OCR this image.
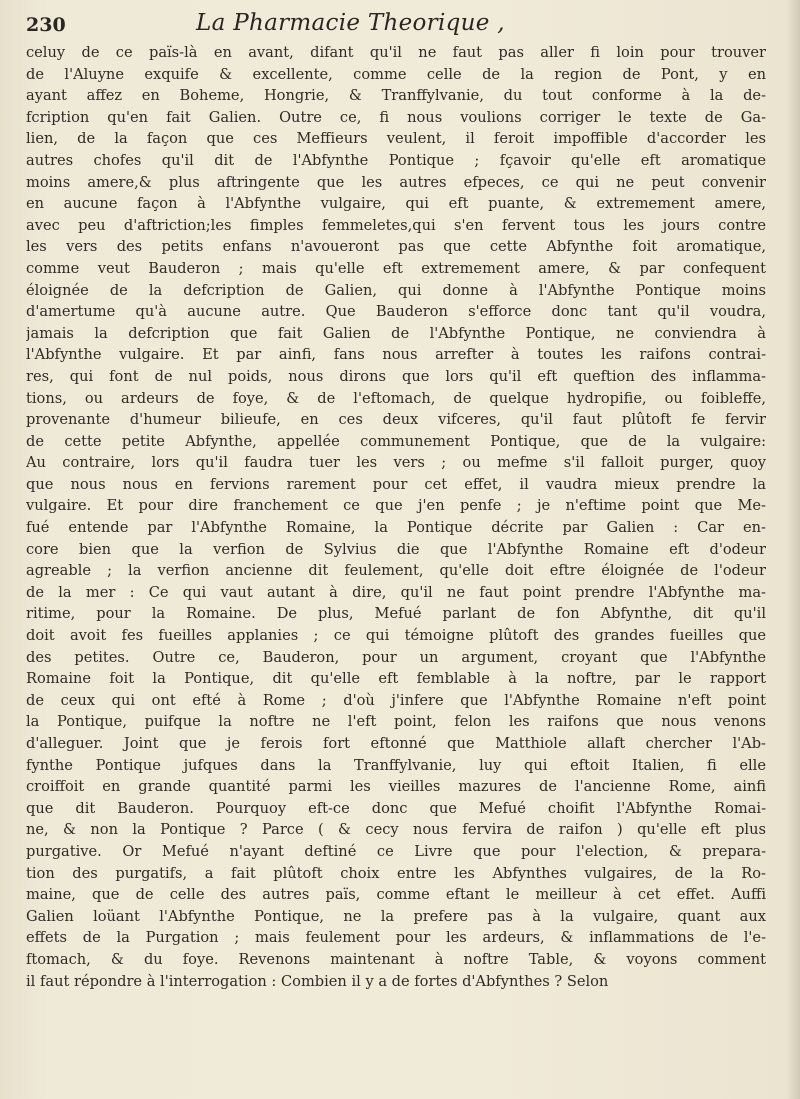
230	La Pharmacie Theorique ,
celuy de ce païs-là en avant, difant qu'il ne faut pas aller fi loin pour trouver
de l'Aluyne exquife & excellente, comme celle de la region de Pont, y en
ayant affez en Boheme, Hongrie, & Tranffylvanie, du tout conforme à la de-
fcription qu'en fait Galien. Outre ce, fi nous voulions corriger le texte de Ga-
lien, de la façon que ces Meffieurs veulent, il feroit impoffible d'accorder les
autres chofes qu'il dit de l'Abfynthe Pontique ; fçavoir qu'elle eft aromatique
moins amere,& plus aftringente que les autres efpeces, ce qui ne peut convenir
en aucune façon à l'Abfynthe vulgaire, qui eft puante, & extremement amere,
avec peu d'aftriction;les fimples femmeletes,qui s'en fervent tous les jours contre
les vers des petits enfans n'avoueront pas que cette Abfynthe foit aromatique,
comme veut Bauderon ; mais qu'elle eft extremement amere, & par confequent
éloignée de la defcription de Galien, qui donne à l'Abfynthe Pontique moins
d'amertume qu'à aucune autre. Que Bauderon s'efforce donc tant qu'il voudra,
jamais la defcription que fait Galien de l'Abfynthe Pontique, ne conviendra à
l'Abfynthe vulgaire. Et par ainfi, fans nous arrefter à toutes les raifons contrai-
res, qui font de nul poids, nous dirons que lors qu'il eft queftion des inflamma-
tions, ou ardeurs de foye, & de l'eftomach, de quelque hydropifie, ou foibleffe,
provenante d'humeur bilieufe, en ces deux vifceres, qu'il faut plûtoft fe fervir
de cette petite Abfynthe, appellée communement Pontique, que de la vulgaire:
Au contraire, lors qu'il faudra tuer les vers ; ou mefme s'il falloit purger, quoy
que nous nous en fervions rarement pour cet effet, il vaudra mieux prendre la
vulgaire. Et pour dire franchement ce que j'en penfe ; je n'eftime point que Me-
fué entende par l'Abfynthe Romaine, la Pontique décrite par Galien : Car en-
core bien que la verfion de Sylvius die que l'Abfynthe Romaine eft d'odeur
agreable ; la verfion ancienne dit feulement, qu'elle doit eftre éloignée de l'odeur
de la mer : Ce qui vaut autant à dire, qu'il ne faut point prendre l'Abfynthe ma-
ritime, pour la Romaine. De plus, Mefué parlant de fon Abfynthe, dit qu'il
doit avoit fes fueilles applanies ; ce qui témoigne plûtoft des grandes fueilles que
des petites. Outre ce, Bauderon, pour un argument, croyant que l'Abfynthe
Romaine foit la Pontique, dit qu'elle eft femblable à la noftre, par le rapport
de ceux qui ont efté à Rome ; d'où j'infere que l'Abfynthe Romaine n'eft point
la Pontique, puifque la noftre ne l'eft point, felon les raifons que nous venons
d'alleguer. Joint que je ferois fort eftonné que Matthiole allaft chercher l'Ab-
fynthe Pontique jufques dans la Tranffylvanie, luy qui eftoit Italien, fi elle
croiffoit en grande quantité parmi les vieilles mazures de l'ancienne Rome, ainfi
que dit Bauderon. Pourquoy eft-ce donc que Mefué choifit l'Abfynthe Romai-
ne, & non la Pontique ? Parce ( & cecy nous fervira de raifon ) qu'elle eft plus
purgative. Or Mefué n'ayant deftiné ce Livre que pour l'election, & prepara-
tion des purgatifs, a fait plûtoft choix entre les Abfynthes vulgaires, de la Ro-
maine, que de celle des autres païs, comme eftant le meilleur à cet effet. Auffi
Galien loüant l'Abfynthe Pontique, ne la prefere pas à la vulgaire, quant aux
effets de la Purgation ; mais feulement pour les ardeurs, & inflammations de l'e-
ftomach, & du foye. Revenons maintenant à noftre Table, & voyons comment
il faut répondre à l'interrogation : Combien il y a de fortes d'Abfynthes ? Selon
